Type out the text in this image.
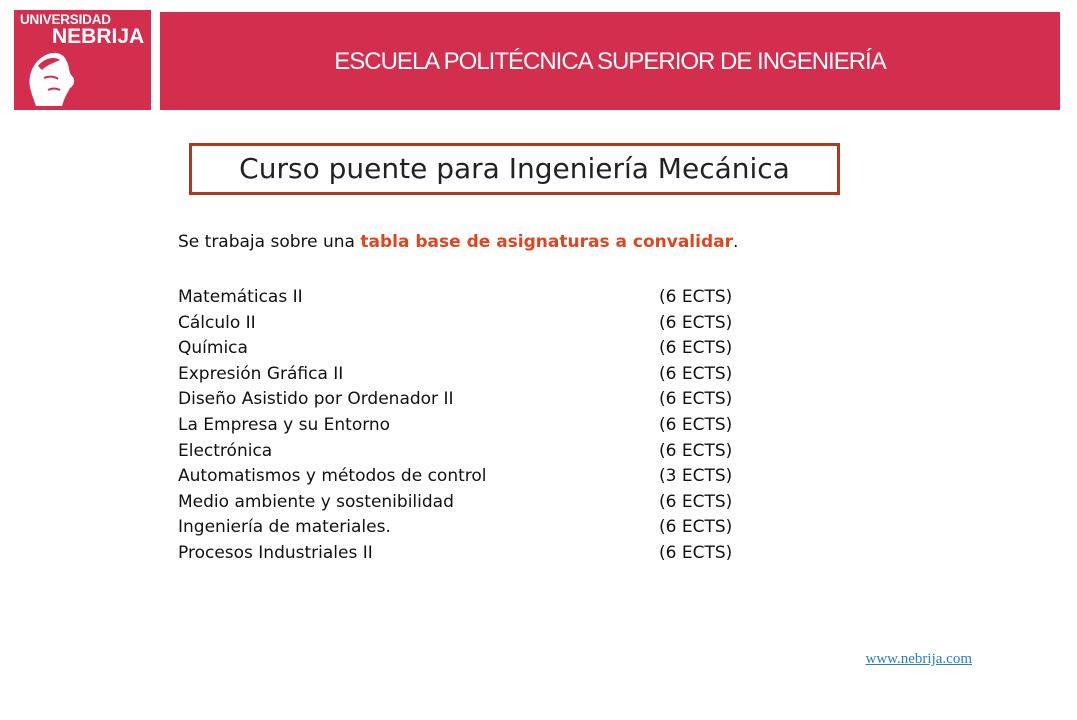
UNIVERSIDAD
NEBRIJA
ESCUELA POLITÉCNICA SUPERIOR DE INGENIERÍA
Curso puente para Ingeniería Mecánica
Se trabaja sobre una tabla base de asignaturas a convalidar.
Matemáticas II	(6 ECTS)
Cálculo II	(6 ECTS)
Química	(6 ECTS)
Expresión Gráfica II	(6 ECTS)
Diseño Asistido por Ordenador II	(6 ECTS)
La Empresa y su Entorno	(6 ECTS)
Electrónica	(6 ECTS)
Automatismos y métodos de control	(3 ECTS)
Medio ambiente y sostenibilidad	(6 ECTS)
Ingeniería de materiales.	(6 ECTS)
Procesos Industriales II	(6 ECTS)
www.nebrija.com
